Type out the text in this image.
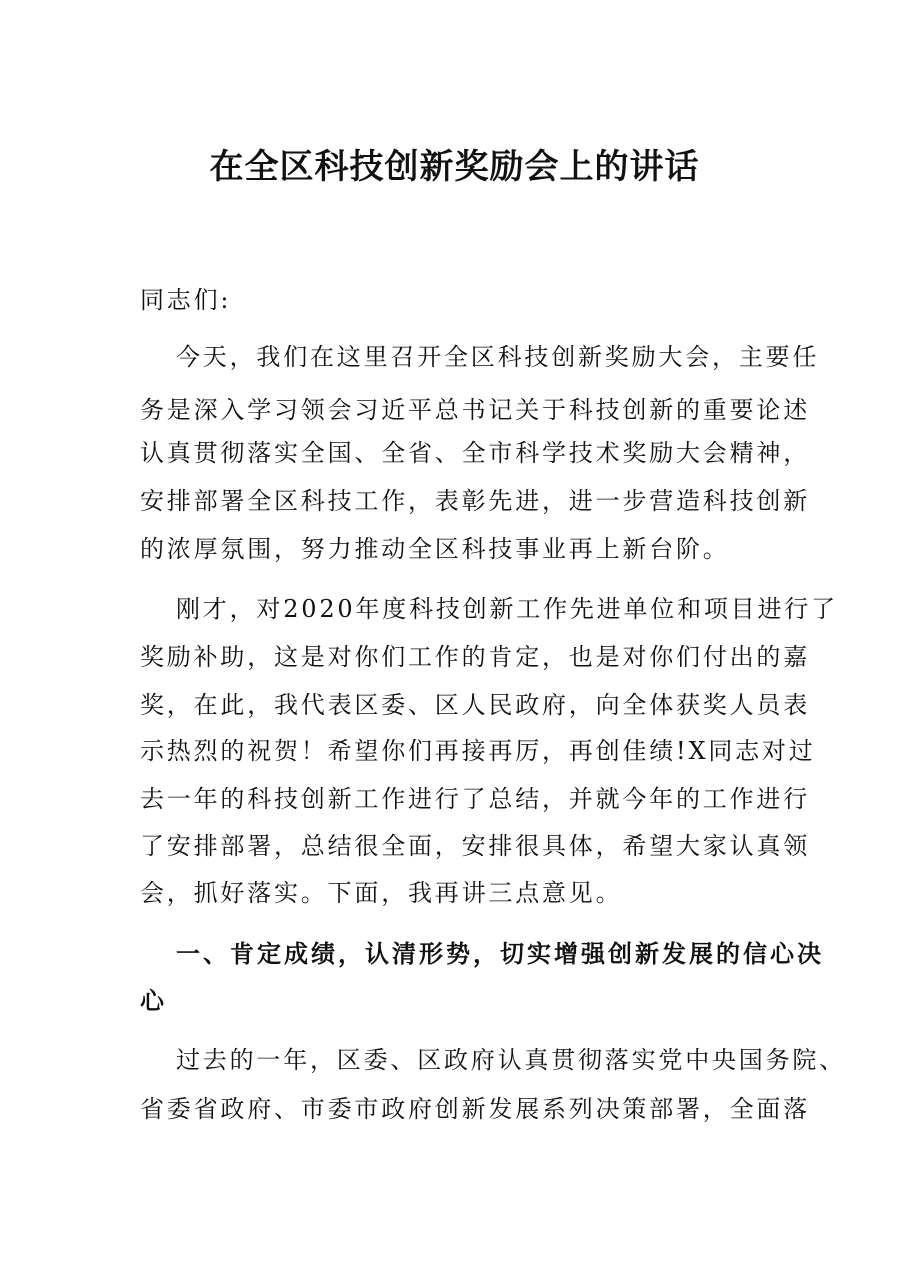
在全区科技创新奖励会上的讲话
同志们:
今天，我们在这里召开全区科技创新奖励大会，主要任
务是深入学习领会习近平总书记关于科技创新的重要论述
认真贯彻落实全国、全省、全市科学技术奖励大会精神，
安排部署全区科技工作，表彰先进，进一步营造科技创新
的浓厚氛围，努力推动全区科技事业再上新台阶。
刚才，对2020年度科技创新工作先进单位和项目进行了
奖励补助，这是对你们工作的肯定，也是对你们付出的嘉
奖，在此，我代表区委、区人民政府，向全体获奖人员表
示热烈的祝贺！希望你们再接再厉，再创佳绩!X同志对过
去一年的科技创新工作进行了总结，并就今年的工作进行
了安排部署，总结很全面，安排很具体，希望大家认真领
会，抓好落实。下面，我再讲三点意见。
一、肯定成绩，认清形势，切实增强创新发展的信心决
心
过去的一年，区委、区政府认真贯彻落实党中央国务院、
省委省政府、市委市政府创新发展系列决策部署，全面落
